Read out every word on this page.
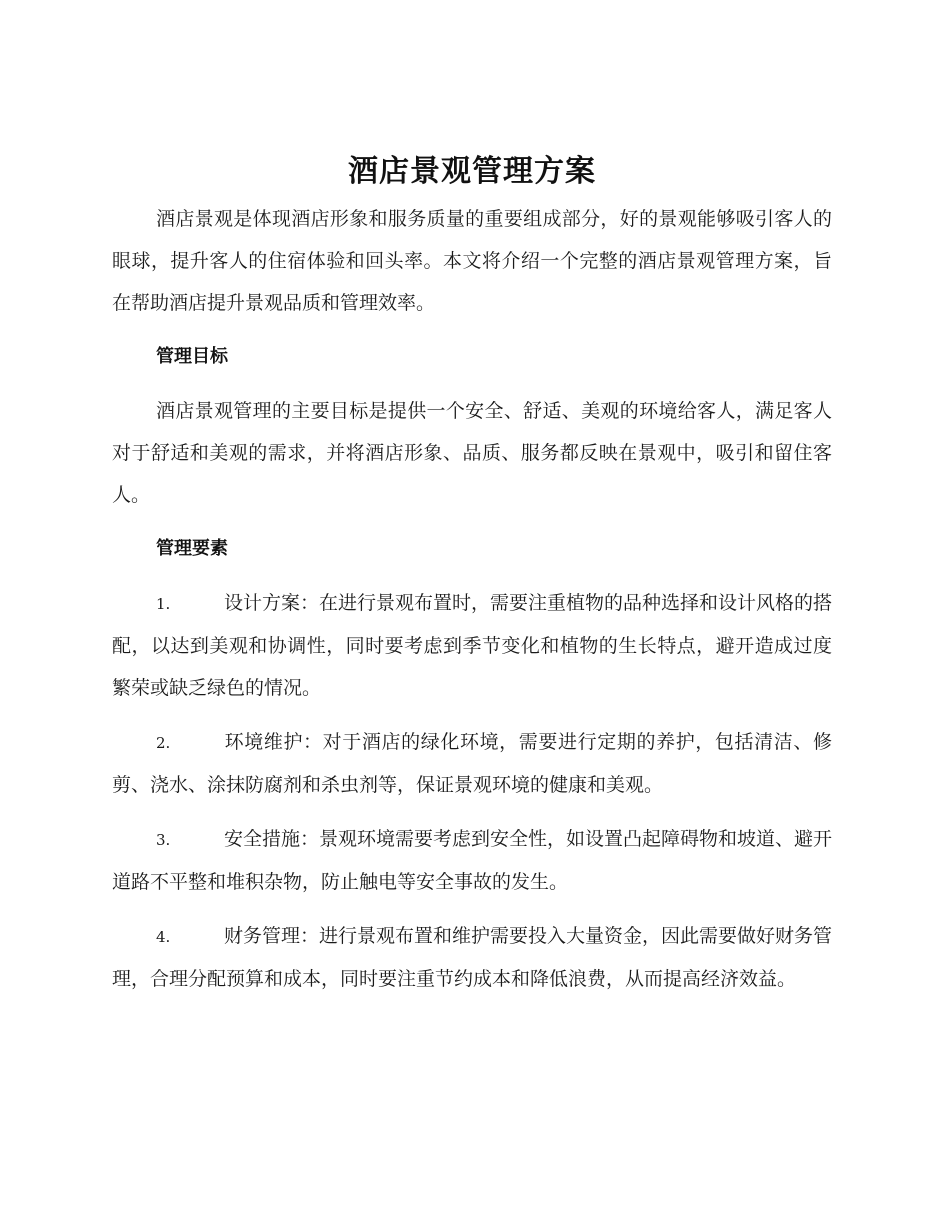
酒店景观管理方案

酒店景观是体现酒店形象和服务质量的重要组成部分，好的景观能够吸引客人的眼球，提升客人的住宿体验和回头率。本文将介绍一个完整的酒店景观管理方案，旨在帮助酒店提升景观品质和管理效率。

管理目标

酒店景观管理的主要目标是提供一个安全、舒适、美观的环境给客人，满足客人对于舒适和美观的需求，并将酒店形象、品质、服务都反映在景观中，吸引和留住客人。

管理要素
1.	设计方案：在进行景观布置时，需要注重植物的品种选择和设计风格的搭配，以达到美观和协调性，同时要考虑到季节变化和植物的生长特点，避开造成过度繁荣或缺乏绿色的情况。
2.	环境维护：对于酒店的绿化环境，需要进行定期的养护，包括清洁、修剪、浇水、涂抹防腐剂和杀虫剂等，保证景观环境的健康和美观。
3.	安全措施：景观环境需要考虑到安全性，如设置凸起障碍物和坡道、避开道路不平整和堆积杂物，防止触电等安全事故的发生。
4.	财务管理：进行景观布置和维护需要投入大量资金，因此需要做好财务管理，合理分配预算和成本，同时要注重节约成本和降低浪费，从而提高经济效益。
